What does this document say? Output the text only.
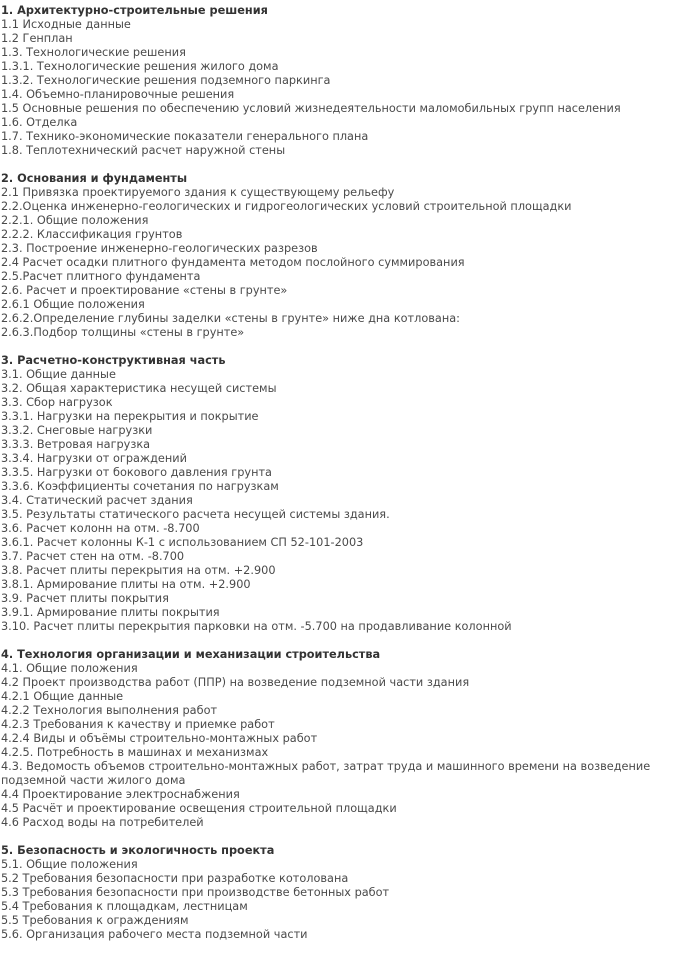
1. Архитектурно-строительные решения
1.1 Исходные данные
1.2 Генплан
1.3. Технологические решения
1.3.1. Технологические решения жилого дома
1.3.2. Технологические решения подземного паркинга
1.4. Объемно-планировочные решения
1.5 Основные решения по обеспечению условий жизнедеятельности маломобильных групп населения
1.6. Отделка
1.7. Технико-экономические показатели генерального плана
1.8. Теплотехнический расчет наружной стены
2. Основания и фундаменты
2.1 Привязка проектируемого здания к существующему рельефу
2.2.Оценка инженерно-геологических и гидрогеологических условий строительной площадки
2.2.1. Общие положения
2.2.2. Классификация грунтов
2.3. Построение инженерно-геологических разрезов
2.4 Расчет осадки плитного фундамента методом послойного суммирования
2.5.Расчет плитного фундамента
2.6. Расчет и проектирование «стены в грунте»
2.6.1 Общие положения
2.6.2.Определение глубины заделки «стены в грунте» ниже дна котлована:
2.6.3.Подбор толщины «стены в грунте»
3. Расчетно-конструктивная часть
3.1. Общие данные
3.2. Общая характеристика несущей системы
3.3. Сбор нагрузок
3.3.1. Нагрузки на перекрытия и покрытие
3.3.2. Снеговые нагрузки
3.3.3. Ветровая нагрузка
3.3.4. Нагрузки от ограждений
3.3.5. Нагрузки от бокового давления грунта
3.3.6. Коэффициенты сочетания по нагрузкам
3.4. Статический расчет здания
3.5. Результаты статического расчета несущей системы здания.
3.6. Расчет колонн на отм. -8.700
3.6.1. Расчет колонны К-1 с использованием СП 52-101-2003
3.7. Расчет стен на отм. -8.700
3.8. Расчет плиты перекрытия на отм. +2.900
3.8.1. Армирование плиты на отм. +2.900
3.9. Расчет плиты покрытия
3.9.1. Армирование плиты покрытия
3.10. Расчет плиты перекрытия парковки на отм. -5.700 на продавливание колонной
4. Технология организации и механизации строительства
4.1. Общие положения
4.2 Проект производства работ (ППР) на возведение подземной части здания
4.2.1 Общие данные
4.2.2 Технология выполнения работ
4.2.3 Требования к качеству и приемке работ
4.2.4 Виды и объёмы строительно-монтажных работ
4.2.5. Потребность в машинах и механизмах
4.3. Ведомость объемов строительно-монтажных работ, затрат труда и машинного времени на возведение подземной части жилого дома
4.4 Проектирование электроснабжения
4.5 Расчёт и проектирование освещения строительной площадки
4.6 Расход воды на потребителей
5. Безопасность и экологичность проекта
5.1. Общие положения
5.2 Требования безопасности при разработке котолована
5.3 Требования безопасности при производстве бетонных работ
5.4 Требования к площадкам, лестницам
5.5 Требования к ограждениям
5.6. Организация рабочего места подземной части
